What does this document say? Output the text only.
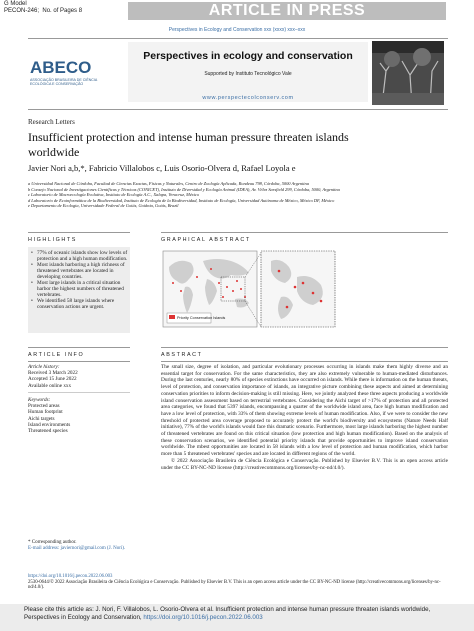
G Model
PECON-246; No. of Pages 8	ARTICLE IN PRESS
Perspectives in Ecology and Conservation xxx (xxxx) xxx–xxx
ABECO
ASSOCIAÇÃO BRASILEIRA DE CIÊNCIA
ECOLÓGICA E CONSERVAÇÃO
Perspectives in ecology and conservation
Supported by Instituto Tecnológico Vale
www.perspectecolconserv.com
Research Letters
Insufficient protection and intense human pressure threaten islands
worldwide
Javier Nori a,b,*, Fabricio Villalobos c, Luis Osorio-Olvera d, Rafael Loyola e
a Universidad Nacional de Córdoba, Facultad de Ciencias Exactas, Físicas y Naturales, Centro de Zoología Aplicada, Rondeau 798, Córdoba, 5000 Argentina
b Consejo Nacional de Investigaciones Científicas y Técnicas (CONICET), Instituto de Diversidad y Ecología Animal (IDEA), Av. Vélez Sarsfield 299, Córdoba, 5000, Argentina
c Laboratorio de Macroecología Evolutiva, Instituto de Ecología A.C., Xalapa, Veracruz, México
d Laboratorio de Ecoinformática de la Biodiversidad, Instituto de Ecología de la Biodiversidad, Instituto de Ecología, Universidad Autónoma de México, México DF, México
e Departamento de Ecologia, Universidade Federal de Goiás, Goiânia, Goiás, Brazil
HIGHLIGHTS	GRAPHICAL ABSTRACT
• 77% of oceanic islands show low levels of protection and a high human modification.
• Most islands harboring a high richness of threatened vertebrates are located in developing countries.
• Most large islands in a critical situation harbor the highest numbers of threatened vertebrates.
• We identified 58 large islands where conservation actions are urgent.
Priority Conservation Islands
ARTICLE INFO	ABSTRACT
Article history:
Received 3 March 2022
Accepted 15 June 2022
Available online xxx
Keywords:
Protected areas
Human footprint
Aichi targets
Island environments
Threatened species
The small size, degree of isolation, and particular evolutionary processes occurring in islands make them highly diverse and an essential target for conservation. For the same characteristics, they are also extremely vulnerable to human-mediated disturbances. During the last centuries, nearly 80% of species extinctions have occurred on islands. While there is information on the human threats, level of protection, and conservation importance of islands, an integrative picture combining these aspects and aimed at determining conservation priorities to inform decision-making is still missing. Here, we jointly analyzed these three aspects producing a worldwide island conservation assessment based on terrestrial vertebrates. Considering the Aichi target of >17% of protection and all protected area categories, we found that 5397 islands, encompassing a quarter of the worldwide island area, face high human modification and have a low level of protection, with 33% of them showing extreme levels of human modification. Also, if we were to consider the new threshold of protected area coverage proposed to accurately protect the world's biodiversity and ecosystems (Nature Needs Half initiative), 77% of the world's islands would face this dramatic scenario. Furthermore, most large islands harboring the highest number of threatened vertebrates are found on this critical situation (low protection and high human modification). Based on the analysis of these conservation scenarios, we identified potential priority islands that provide opportunities to improve island conservation worldwide. The mbest opportunities are located in 58 islands with a low level of protection and human modification, which harbor more than 5 threatened vertebrates' species and are located in different regions of the world.
© 2022 Associação Brasileira de Ciência Ecológica e Conservação. Published by Elsevier B.V. This is an open access article under the CC BY-NC-ND license (http://creativecommons.org/licenses/by-nc-nd/4.0/).
* Corresponding author.
E-mail address: javiernori@gmail.com (J. Nori).
https://doi.org/10.1016/j.pecon.2022.06.003
2530-0644/© 2022 Associação Brasileira de Ciência Ecológica e Conservação. Published by Elsevier B.V. This is an open access article under the CC BY-NC-ND license (http://creativecommons.org/licenses/by-nc-nd/4.0/).
Please cite this article as: J. Nori, F. Villalobos, L. Osorio-Olvera et al. Insufficient protection and intense human pressure threaten islands worldwide, Perspectives in Ecology and Conservation, https://doi.org/10.1016/j.pecon.2022.06.003
